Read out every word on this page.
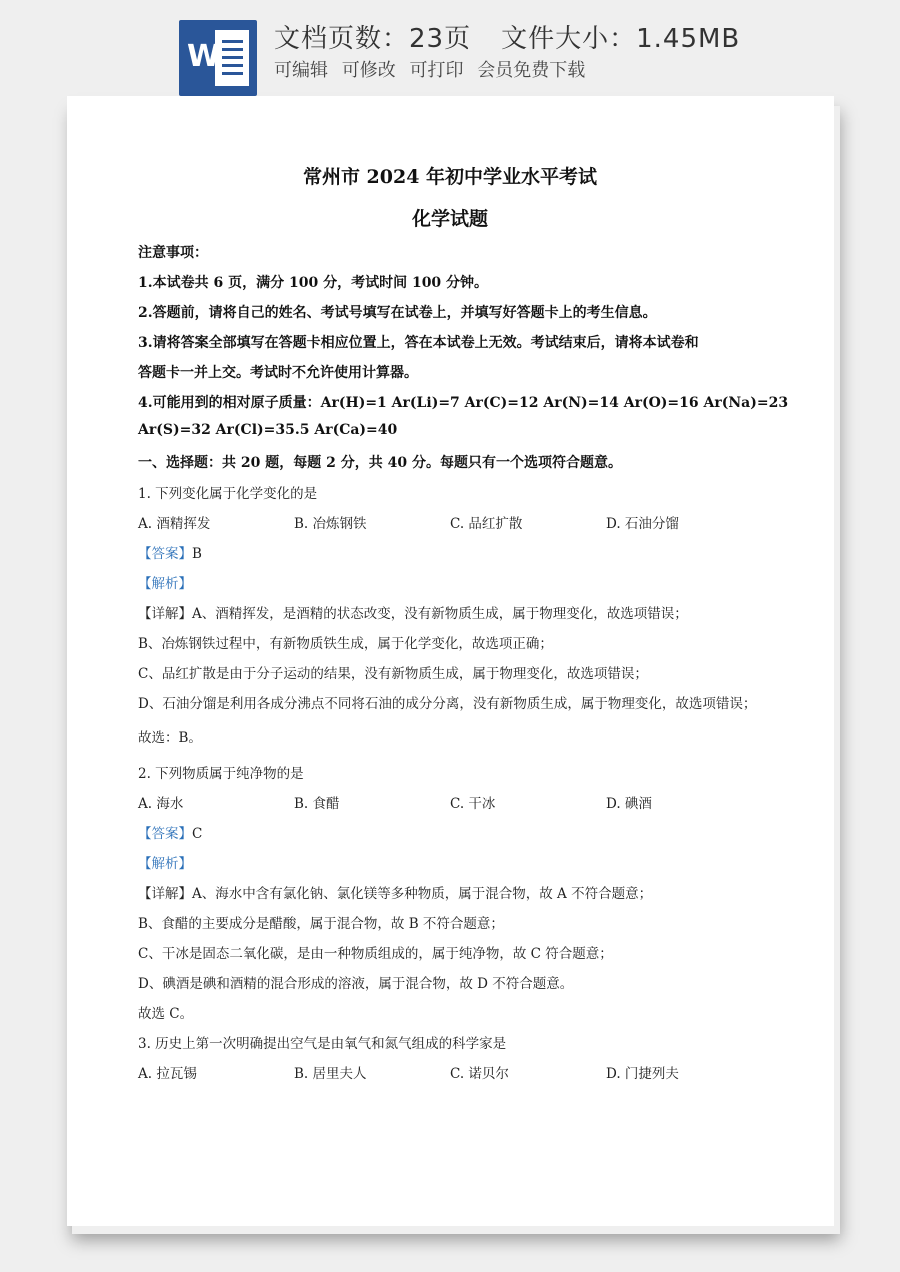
W 文档页数：23页 文件大小：1.45MB
可编辑 可修改 可打印 会员免费下载
常州市 2024 年初中学业水平考试
化学试题
注意事项：
1.本试卷共 6 页，满分 100 分，考试时间 100 分钟。
2.答题前，请将自己的姓名、考试号填写在试卷上，并填写好答题卡上的考生信息。
3.请将答案全部填写在答题卡相应位置上，答在本试卷上无效。考试结束后，请将本试卷和
答题卡一并上交。考试时不允许使用计算器。
4.可能用到的相对原子质量：Ar(H)=1 Ar(Li)=7 Ar(C)=12 Ar(N)=14 Ar(O)=16 Ar(Na)=23
Ar(S)=32 Ar(Cl)=35.5 Ar(Ca)=40
一、选择题：共 20 题，每题 2 分，共 40 分。每题只有一个选项符合题意。
1. 下列变化属于化学变化的是
A. 酒精挥发	B. 冶炼钢铁	C. 品红扩散	D. 石油分馏
【答案】B
【解析】
【详解】A、酒精挥发，是酒精的状态改变，没有新物质生成，属于物理变化，故选项错误；
B、冶炼钢铁过程中，有新物质铁生成，属于化学变化，故选项正确；
C、品红扩散是由于分子运动的结果，没有新物质生成，属于物理变化，故选项错误；
D、石油分馏是利用各成分沸点不同将石油的成分分离，没有新物质生成，属于物理变化，故选项错误；
故选：B。
2. 下列物质属于纯净物的是
A. 海水	B. 食醋	C. 干冰	D. 碘酒
【答案】C
【解析】
【详解】A、海水中含有氯化钠、氯化镁等多种物质，属于混合物，故 A 不符合题意；
B、食醋的主要成分是醋酸，属于混合物，故 B 不符合题意；
C、干冰是固态二氧化碳，是由一种物质组成的，属于纯净物，故 C 符合题意；
D、碘酒是碘和酒精的混合形成的溶液，属于混合物，故 D 不符合题意。
故选 C。
3. 历史上第一次明确提出空气是由氧气和氮气组成的科学家是
A. 拉瓦锡	B. 居里夫人	C. 诺贝尔	D. 门捷列夫
